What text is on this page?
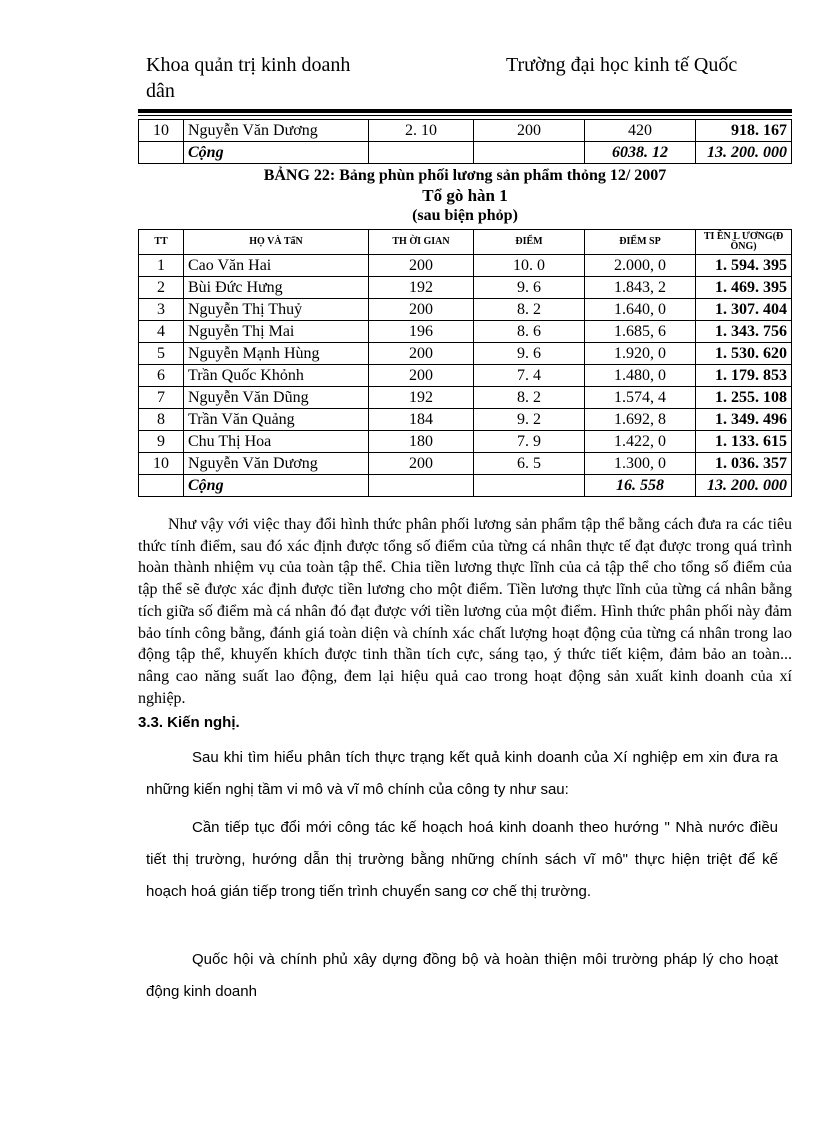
Khoa quản trị kinh doanh	Trường đại học kinh tế Quốc
dân
10	Nguyễn Văn Dương	2. 10	200	420	918. 167
	Cộng			6038. 12	13. 200. 000
BẢNG 22: Bảng phùn phối lương sản phẩm thỏng 12/ 2007
Tổ gò hàn 1
(sau biện phỏp)
TT	HỌ VÀ TấN	TH ỜI GIAN	ĐIỂM	ĐIỂM SP	TI ỀN L ƯƠNG(Đ ỒNG)
1	Cao Văn Hai	200	10. 0	2.000, 0	1. 594. 395
2	Bùi Đức Hưng	192	9. 6	1.843, 2	1. 469. 395
3	Nguyễn Thị Thuỷ	200	8. 2	1.640, 0	1. 307. 404
4	Nguyễn Thị Mai	196	8. 6	1.685, 6	1. 343. 756
5	Nguyễn Mạnh Hùng	200	9. 6	1.920, 0	1. 530. 620
6	Trần Quốc Khỏnh	200	7. 4	1.480, 0	1. 179. 853
7	Nguyễn Văn Dũng	192	8. 2	1.574, 4	1. 255. 108
8	Trần Văn Quảng	184	9. 2	1.692, 8	1. 349. 496
9	Chu Thị Hoa	180	7. 9	1.422, 0	1. 133. 615
10	Nguyễn Văn Dương	200	6. 5	1.300, 0	1. 036. 357
	Cộng			16. 558	13. 200. 000
Như vậy với việc thay đổi hình thức phân phối lương sản phẩm tập thể bằng cách đưa ra các tiêu thức tính điểm, sau đó xác định được tổng số điểm của từng cá nhân thực tế đạt được trong quá trình hoàn thành nhiệm vụ của toàn tập thể. Chia tiền lương thực lĩnh của cả tập thể cho tổng số điểm của tập thể sẽ được xác định được tiền lương cho một điểm. Tiền lương thực lĩnh của từng cá nhân bằng tích giữa số điểm mà cá nhân đó đạt được với tiền lương của một điểm. Hình thức phân phối này đảm bảo tính công bằng, đánh giá toàn diện và chính xác chất lượng hoạt động của từng cá nhân trong lao động tập thể, khuyến khích được tinh thần tích cực, sáng tạo, ý thức tiết kiệm, đảm bảo an toàn... nâng cao năng suất lao động, đem lại hiệu quả cao trong hoạt động sản xuất kinh doanh của xí nghiệp.
3.3. Kiến nghị.
Sau khi tìm hiểu phân tích thực trạng kết quả kinh doanh của Xí nghiệp em xin đưa ra những kiến nghị tầm vi mô và vĩ mô chính của công ty như sau:
Cần tiếp tục đổi mới công tác kế hoạch hoá kinh doanh theo hướng " Nhà nước điều tiết thị trường, hướng dẫn thị trường bằng những chính sách vĩ mô" thực hiện triệt để kế hoạch hoá gián tiếp trong tiến trình chuyển sang cơ chế thị trường.
Quốc hội và chính phủ xây dựng đồng bộ và hoàn thiện môi trường pháp lý cho hoạt động kinh doanh
